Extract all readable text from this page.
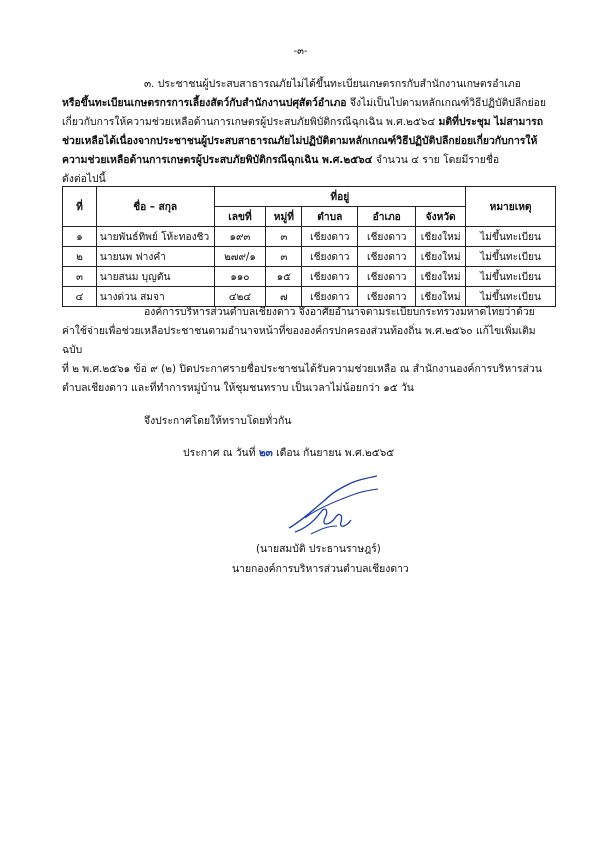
-๓-

๓. ประชาชนผู้ประสบสาธารณภัยไม่ได้ขึ้นทะเบียนเกษตรกรกับสำนักงานเกษตรอำเภอ

หรือขึ้นทะเบียนเกษตรกรการเลี้ยงสัตว์กับสำนักงานปศุสัตว์อำเภอ จึงไม่เป็นไปตามหลักเกณฑ์วิธีปฏิบัติปลีกย่อย

เกี่ยวกับการให้ความช่วยเหลือด้านการเกษตรผู้ประสบภัยพิบัติกรณีฉุกเฉิน พ.ศ.๒๕๖๔ มติที่ประชุม ไม่สามารถ

ช่วยเหลือได้เนื่องจากประชาชนผู้ประสบสาธารณภัยไม่ปฏิบัติตามหลักเกณฑ์วิธีปฏิบัติปลีกย่อยเกี่ยวกับการให้

ความช่วยเหลือด้านการเกษตรผู้ประสบภัยพิบัติกรณีฉุกเฉิน พ.ศ.๒๕๖๔ จำนวน ๔ ราย โดยมีรายชื่อ

ดังต่อไปนี้

ที่	ชื่อ – สกุล	ที่อยู่					หมายเหตุ
		เลขที่	หมู่ที่	ตำบล	อำเภอ	จังหวัด	
๑	นายพันธ์ทิพย์ โห้ะทองชิว	๑๙๓	๓	เชียงดาว	เชียงดาว	เชียงใหม่	ไม่ขึ้นทะเบียน
๒	นายนพ ฟางคำ	๒๗๙/๑	๓	เชียงดาว	เชียงดาว	เชียงใหม่	ไม่ขึ้นทะเบียน
๓	นายสนม บุญตัน	๑๑๐	๑๕	เชียงดาว	เชียงดาว	เชียงใหม่	ไม่ขึ้นทะเบียน
๔	นางด่วน สมจา	๔๒๔	๗	เชียงดาว	เชียงดาว	เชียงใหม่	ไม่ขึ้นทะเบียน

องค์การบริหารส่วนตำบลเชียงดาว จึงอาศัยอำนาจตามระเบียบกระทรวงมหาดไทยว่าด้วย

ค่าใช้จ่ายเพื่อช่วยเหลือประชาชนตามอำนาจหน้าที่ขององค์กรปกครองส่วนท้องถิ่น พ.ศ.๒๕๖๐ แก้ไขเพิ่มเติมฉบับ

ที่ ๒ พ.ศ.๒๕๖๑ ข้อ ๙ (๒) ปิดประกาศรายชื่อประชาชนได้รับความช่วยเหลือ ณ สำนักงานองค์การบริหารส่วน

ตำบลเชียงดาว และที่ทำการหมู่บ้าน ให้ชุมชนทราบ เป็นเวลาไม่น้อยกว่า ๑๕ วัน

จึงประกาศโดยให้ทราบโดยทั่วกัน
ประกาศ ณ วันที่ ๒๓ เดือน กันยายน พ.ศ.๒๕๖๕
(นายสมบัติ ประธานราษฎร์)
นายกองค์การบริหารส่วนตำบลเชียงดาว
